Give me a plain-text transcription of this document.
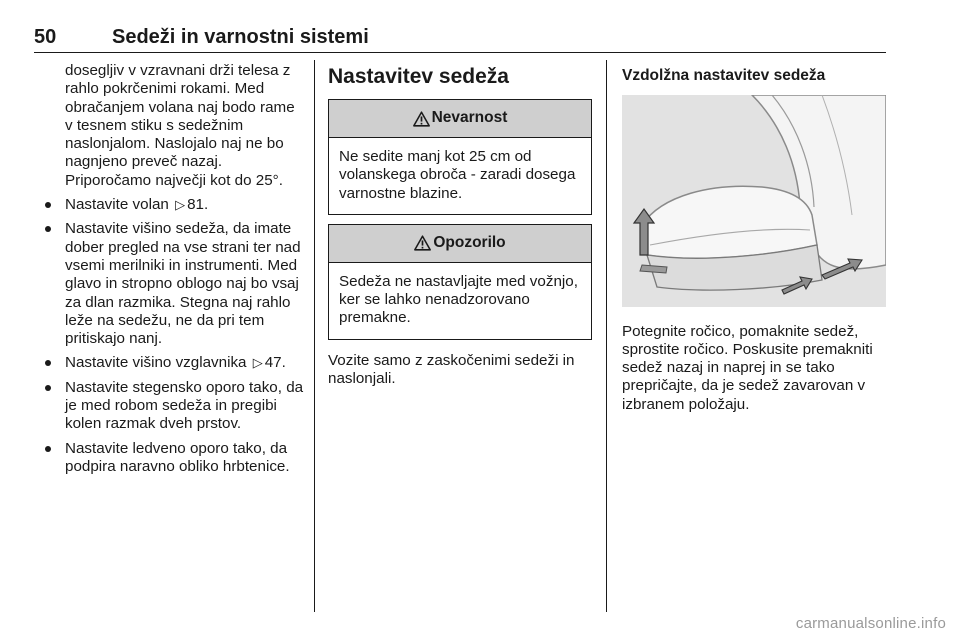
50	Sedeži in varnostni sistemi

dosegljiv v vzravnani drži telesa z rahlo pokrčenimi rokami. Med obračanjem volana naj bodo rame v tesnem stiku s sedežnim naslonjalom. Naslojalo naj ne bo nagnjeno preveč nazaj. Priporočamo največji kot do 25°.

Nastavite volan ▷ 81.
Nastavite višino sedeža, da imate dober pregled na vse strani ter nad vsemi merilniki in instrumenti. Med glavo in stropno oblogo naj bo vsaj za dlan razmika. Stegna naj rahlo leže na sedežu, ne da pri tem pritiskajo nanj.
Nastavite višino vzglavnika ▷ 47.
Nastavite stegensko oporo tako, da je med robom sedeža in pregibi kolen razmak dveh prstov.
Nastavite ledveno oporo tako, da podpira naravno obliko hrbtenice.
Nastavitev sedeža
Nevarnost
Ne sedite manj kot 25 cm od volanskega obroča - zaradi dosega varnostne blazine.
Opozorilo
Sedeža ne nastavljajte med vožnjo, ker se lahko nenadzorovano premakne.

Vozite samo z zaskočenimi sedeži in naslonjali.

Vzdolžna nastavitev sedeža

Potegnite ročico, pomaknite sedež, sprostite ročico. Poskusite premakniti sedež nazaj in naprej in se tako prepričajte, da je sedež zavarovan v izbranem položaju.

carmanualsonline.info
